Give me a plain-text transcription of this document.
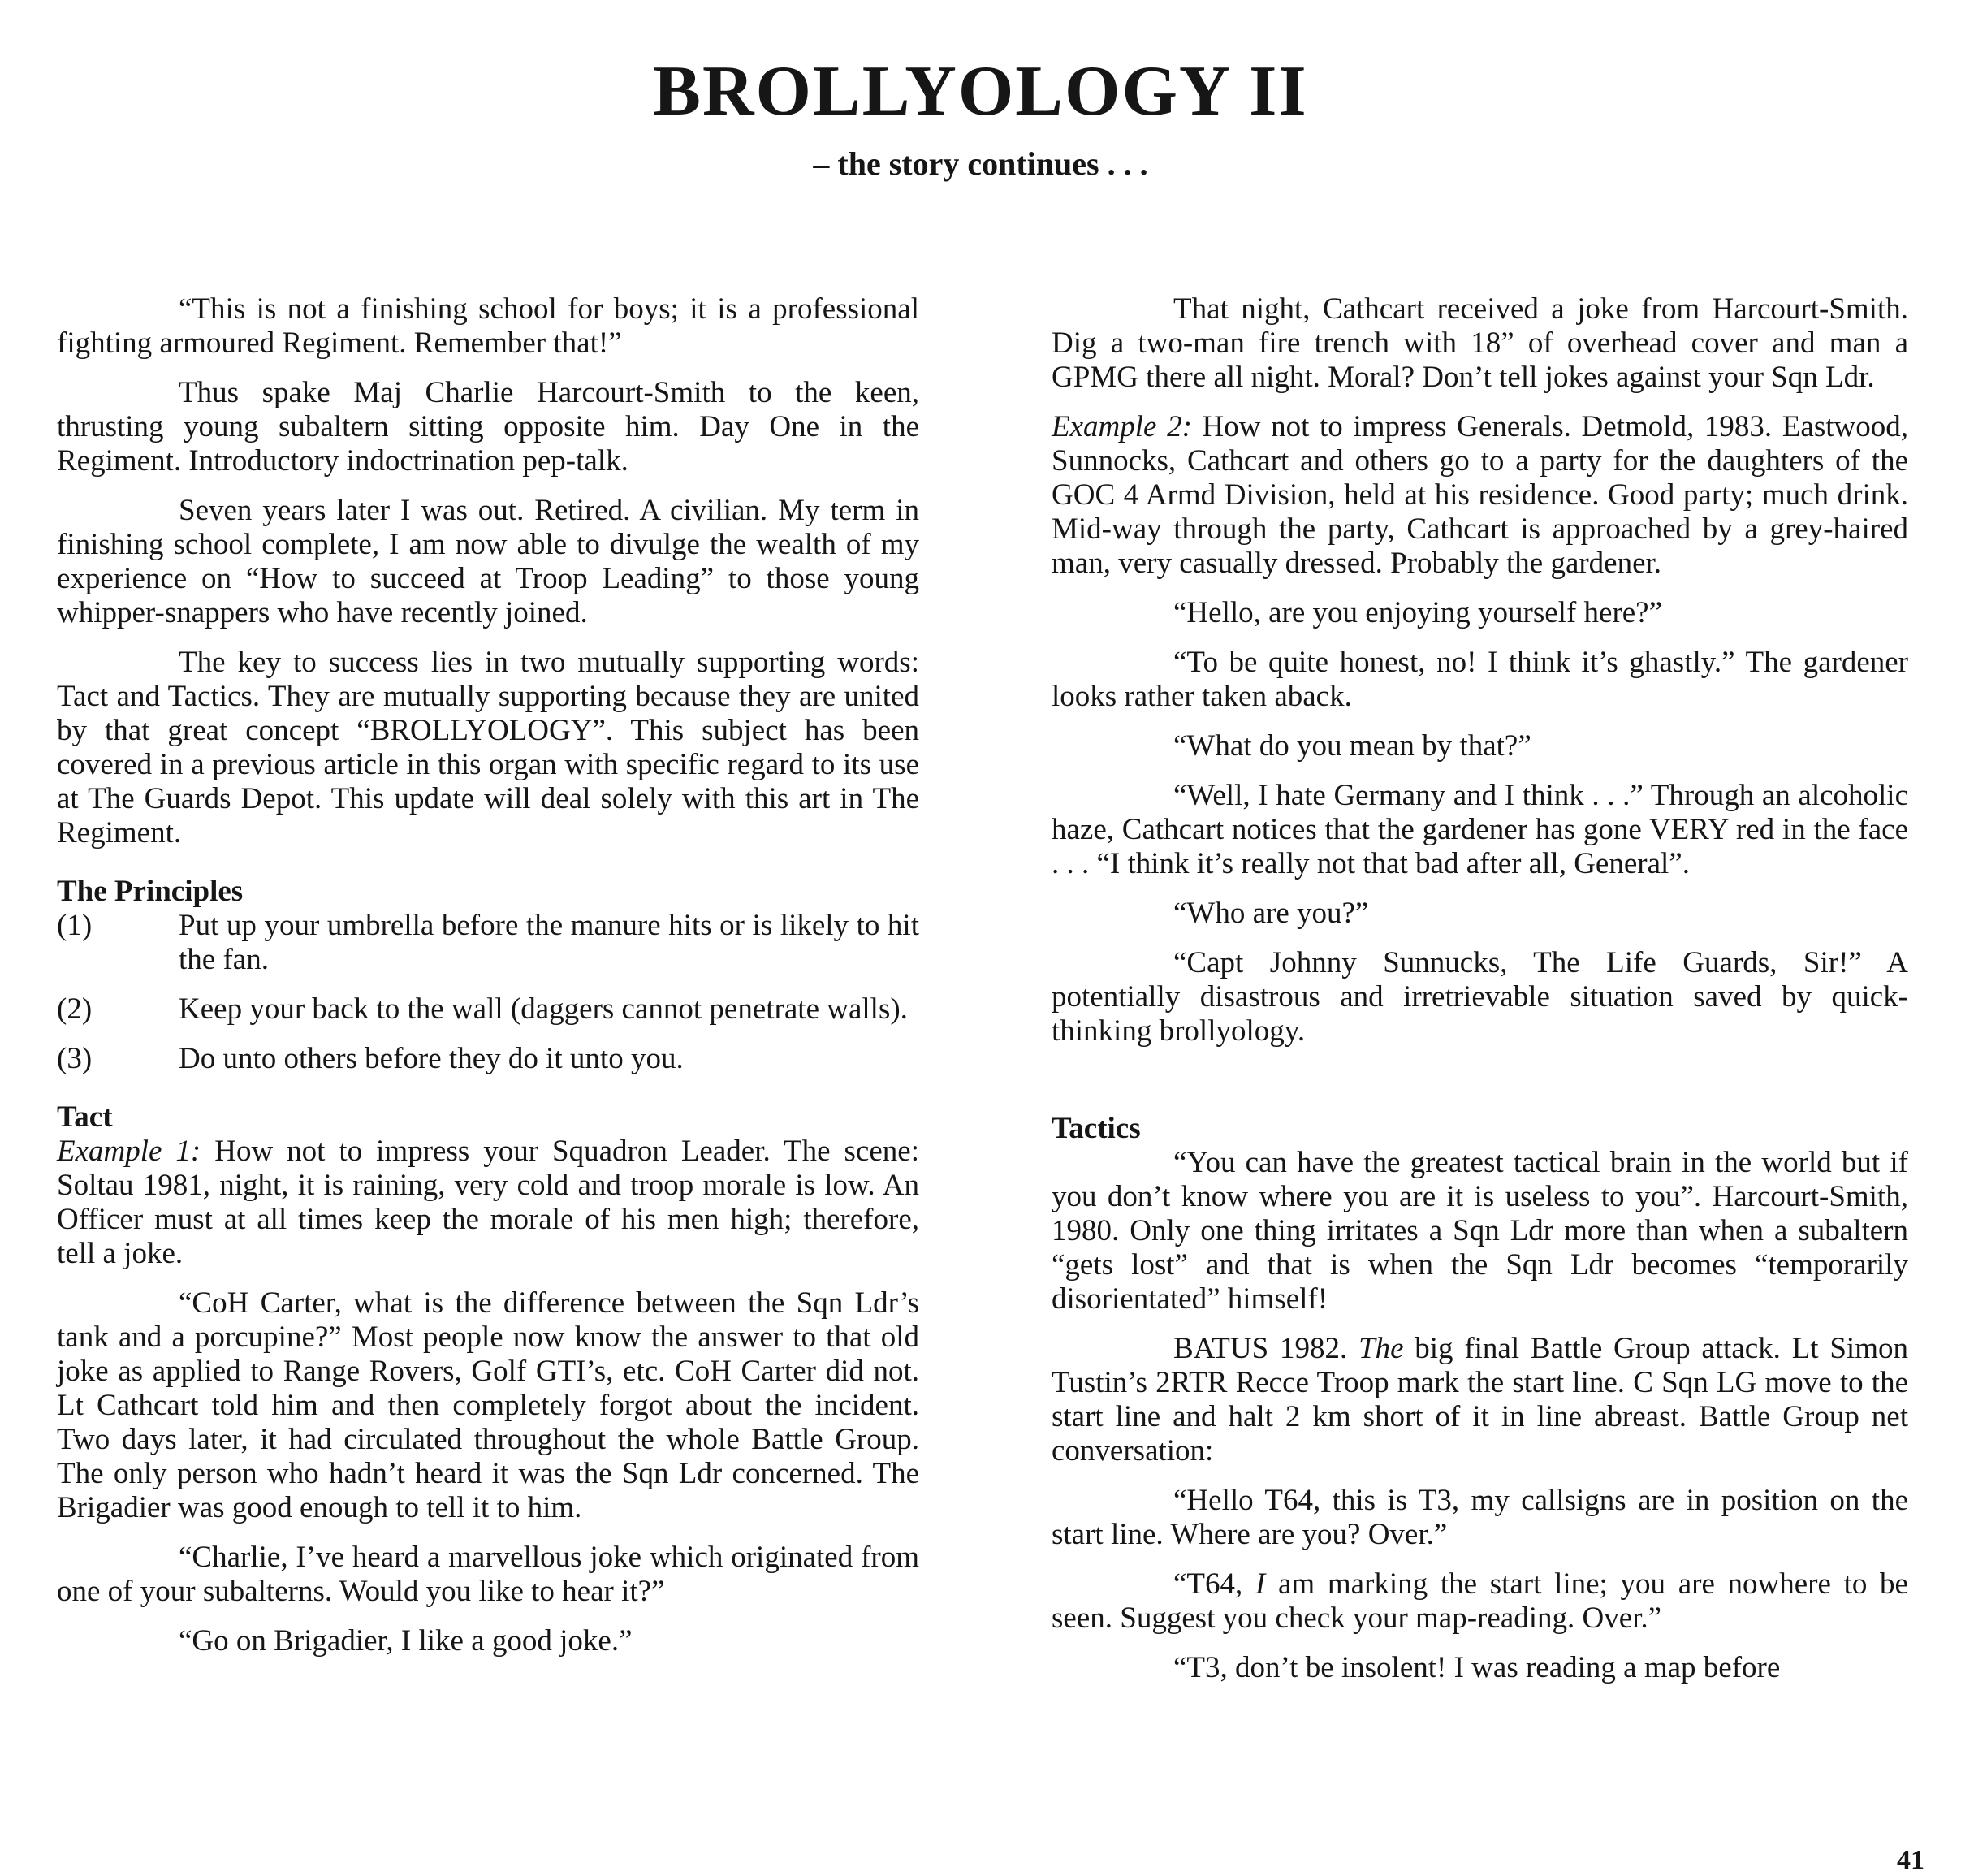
BROLLYOLOGY II
– the story continues . . .

“This is not a finishing school for boys; it is a professional fighting armoured Regiment. Remember that!”

Thus spake Maj Charlie Harcourt-Smith to the keen, thrusting young subaltern sitting opposite him. Day One in the Regiment. Introductory indoctrination pep-talk.

Seven years later I was out. Retired. A civilian. My term in finishing school complete, I am now able to divulge the wealth of my experience on “How to succeed at Troop Leading” to those young whipper-snappers who have recently joined.

The key to success lies in two mutually supporting words: Tact and Tactics. They are mutually supporting because they are united by that great concept “BROLLYOLOGY”. This subject has been covered in a previous article in this organ with specific regard to its use at The Guards Depot. This update will deal solely with this art in The Regiment.

The Principles
(1)	Put up your umbrella before the manure hits or is likely to hit the fan.
(2)	Keep your back to the wall (daggers cannot penetrate walls).
(3)	Do unto others before they do it unto you.
Tact

Example 1: How not to impress your Squadron Leader. The scene: Soltau 1981, night, it is raining, very cold and troop morale is low. An Officer must at all times keep the morale of his men high; therefore, tell a joke.

“CoH Carter, what is the difference between the Sqn Ldr’s tank and a porcupine?” Most people now know the answer to that old joke as applied to Range Rovers, Golf GTI’s, etc. CoH Carter did not. Lt Cathcart told him and then completely forgot about the incident. Two days later, it had circulated throughout the whole Battle Group. The only person who hadn’t heard it was the Sqn Ldr concerned. The Brigadier was good enough to tell it to him.

“Charlie, I’ve heard a marvellous joke which originated from one of your subalterns. Would you like to hear it?”

“Go on Brigadier, I like a good joke.”

That night, Cathcart received a joke from Harcourt-Smith. Dig a two-man fire trench with 18” of overhead cover and man a GPMG there all night. Moral? Don’t tell jokes against your Sqn Ldr.

Example 2: How not to impress Generals. Detmold, 1983. Eastwood, Sunnocks, Cathcart and others go to a party for the daughters of the GOC 4 Armd Division, held at his residence. Good party; much drink. Mid-way through the party, Cathcart is approached by a grey-haired man, very casually dressed. Probably the gardener.

“Hello, are you enjoying yourself here?”

“To be quite honest, no! I think it’s ghastly.” The gardener looks rather taken aback.

“What do you mean by that?”

“Well, I hate Germany and I think . . .” Through an alcoholic haze, Cathcart notices that the gardener has gone VERY red in the face . . . “I think it’s really not that bad after all, General”.

“Who are you?”

“Capt Johnny Sunnucks, The Life Guards, Sir!” A potentially disastrous and irretrievable situation saved by quick-thinking brollyology.

Tactics

“You can have the greatest tactical brain in the world but if you don’t know where you are it is useless to you”. Harcourt-Smith, 1980. Only one thing irritates a Sqn Ldr more than when a subaltern “gets lost” and that is when the Sqn Ldr becomes “temporarily disorientated” himself!

BATUS 1982. The big final Battle Group attack. Lt Simon Tustin’s 2RTR Recce Troop mark the start line. C Sqn LG move to the start line and halt 2 km short of it in line abreast. Battle Group net conversation:

“Hello T64, this is T3, my callsigns are in position on the start line. Where are you? Over.”

“T64, I am marking the start line; you are nowhere to be seen. Suggest you check your map-reading. Over.”

“T3, don’t be insolent! I was reading a map before

41
